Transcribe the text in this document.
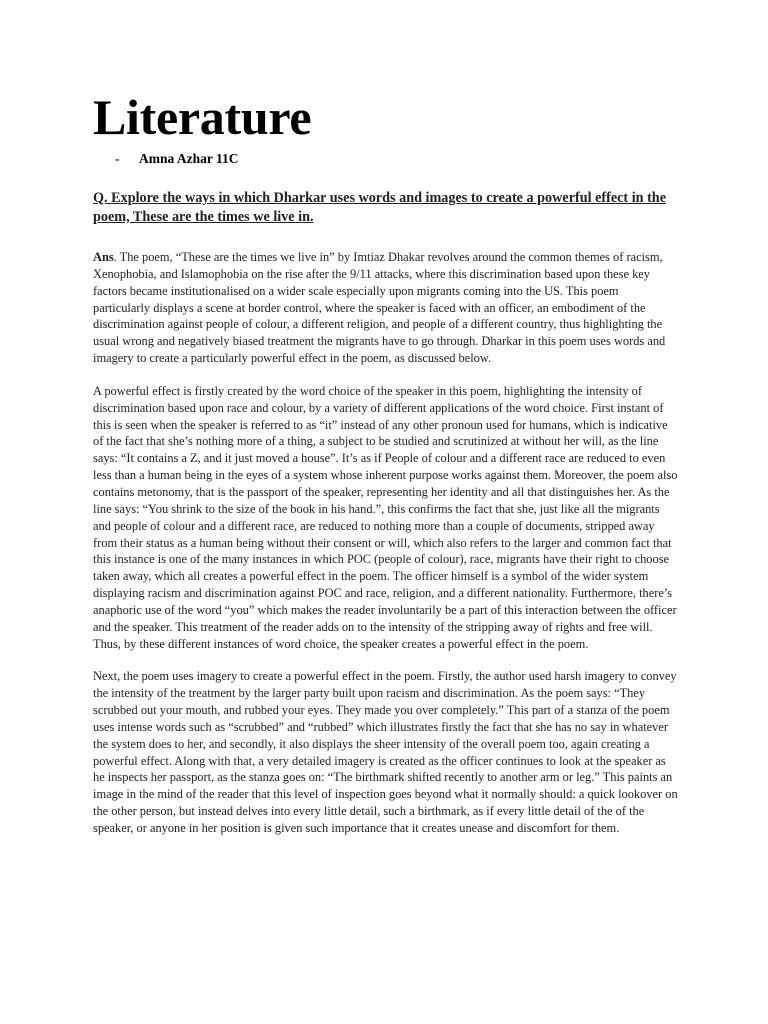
Literature
-	Amna Azhar 11C
Q. Explore the ways in which Dharkar uses words and images to create a powerful effect in the poem, These are the times we live in.

Ans. The poem, “These are the times we live in” by Imtiaz Dhakar revolves around the common themes of racism, Xenophobia, and Islamophobia on the rise after the 9/11 attacks, where this discrimination based upon these key factors became institutionalised on a wider scale especially upon migrants coming into the US. This poem particularly displays a scene at border control, where the speaker is faced with an officer, an embodiment of the discrimination against people of colour, a different religion, and people of a different country, thus highlighting the usual wrong and negatively biased treatment the migrants have to go through. Dharkar in this poem uses words and imagery to create a particularly powerful effect in the poem, as discussed below.

A powerful effect is firstly created by the word choice of the speaker in this poem, highlighting the intensity of discrimination based upon race and colour, by a variety of different applications of the word choice. First instant of this is seen when the speaker is referred to as “it” instead of any other pronoun used for humans, which is indicative of the fact that she’s nothing more of a thing, a subject to be studied and scrutinized at without her will, as the line says: “It contains a Z, and it just moved a house”. It’s as if People of colour and a different race are reduced to even less than a human being in the eyes of a system whose inherent purpose works against them. Moreover, the poem also contains metonomy, that is the passport of the speaker, representing her identity and all that distinguishes her. As the line says: “You shrink to the size of the book in his hand.”, this confirms the fact that she, just like all the migrants and people of colour and a different race, are reduced to nothing more than a couple of documents, stripped away from their status as a human being without their consent or will, which also refers to the larger and common fact that this instance is one of the many instances in which POC (people of colour), race, migrants have their right to choose taken away, which all creates a powerful effect in the poem. The officer himself is a symbol of the wider system displaying racism and discrimination against POC and race, religion, and a different nationality. Furthermore, there’s anaphoric use of the word “you” which makes the reader involuntarily be a part of this interaction between the officer and the speaker. This treatment of the reader adds on to the intensity of the stripping away of rights and free will. Thus, by these different instances of word choice, the speaker creates a powerful effect in the poem.

Next, the poem uses imagery to create a powerful effect in the poem. Firstly, the author used harsh imagery to convey the intensity of the treatment by the larger party built upon racism and discrimination. As the poem says: “They scrubbed out your mouth, and rubbed your eyes. They made you over completely.” This part of a stanza of the poem uses intense words such as “scrubbed” and “rubbed” which illustrates firstly the fact that she has no say in whatever the system does to her, and secondly, it also displays the sheer intensity of the overall poem too, again creating a powerful effect. Along with that, a very detailed imagery is created as the officer continues to look at the speaker as he inspects her passport, as the stanza goes on: “The birthmark shifted recently to another arm or leg.” This paints an image in the mind of the reader that this level of inspection goes beyond what it normally should: a quick lookover on the other person, but instead delves into every little detail, such a birthmark, as if every little detail of the of the speaker, or anyone in her position is given such importance that it creates unease and discomfort for them.
